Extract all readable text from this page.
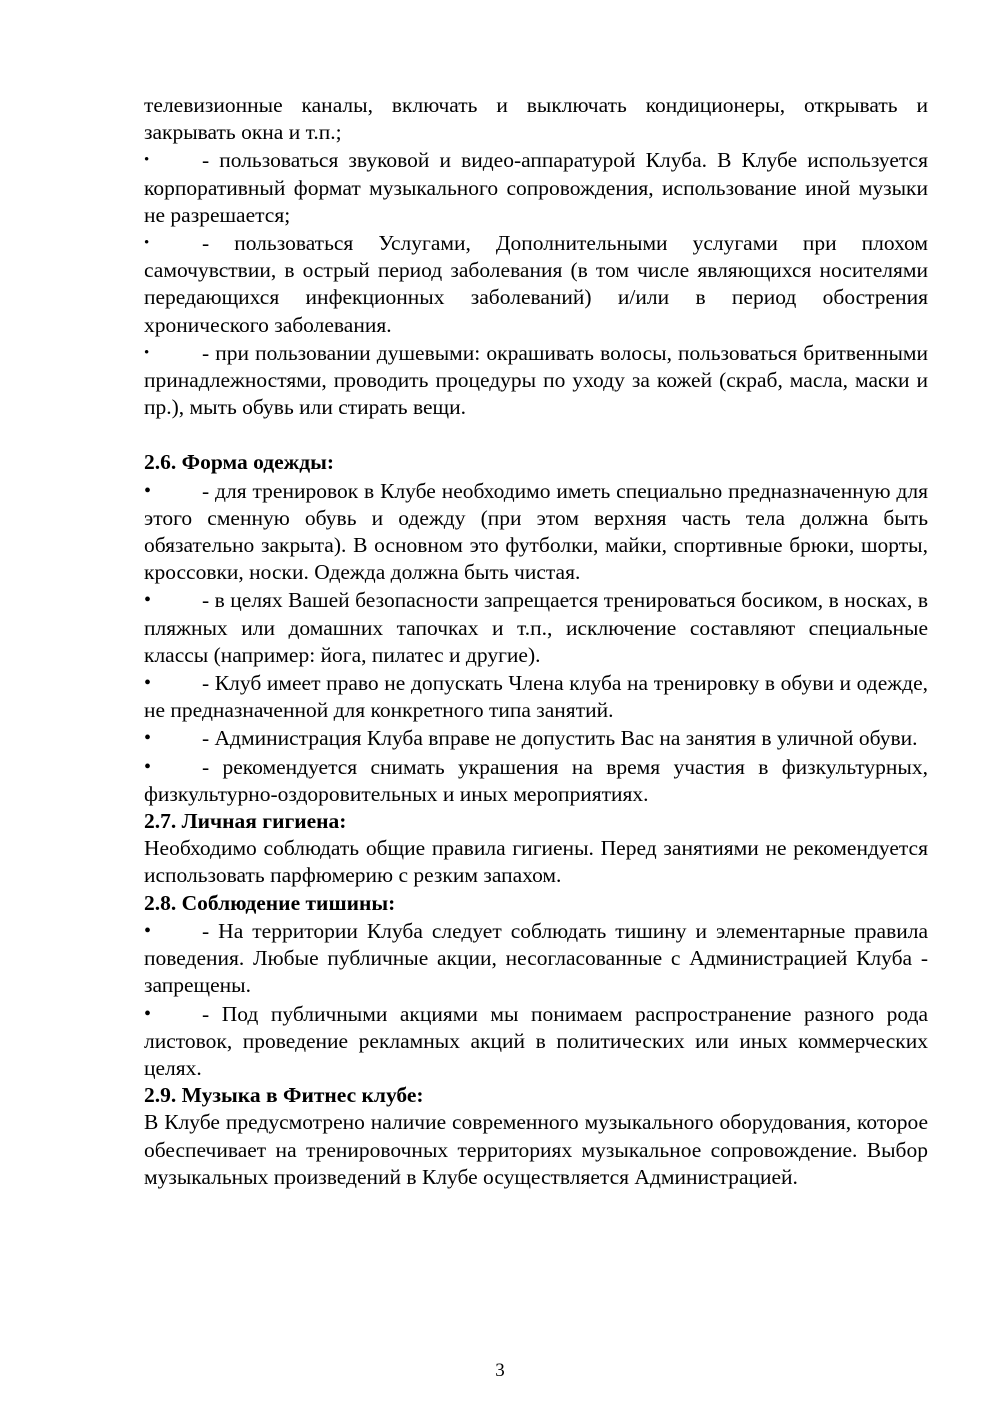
телевизионные каналы, включать и выключать кондиционеры, открывать и закрывать окна и т.п.;

• - пользоваться звуковой и видео-аппаратурой Клуба. В Клубе используется корпоративный формат музыкального сопровождения, использование иной музыки не разрешается;

• - пользоваться Услугами, Дополнительными услугами при плохом самочувствии, в острый период заболевания (в том числе являющихся носителями передающихся инфекционных заболеваний) и/или в период обострения хронического заболевания.

• - при пользовании душевыми: окрашивать волосы, пользоваться бритвенными принадлежностями, проводить процедуры по уходу за кожей (скраб, масла, маски и пр.), мыть обувь или стирать вещи.

2.6. Форма одежды:

• - для тренировок в Клубе необходимо иметь специально предназначенную для этого сменную обувь и одежду (при этом верхняя часть тела должна быть обязательно закрыта). В основном это футболки, майки, спортивные брюки, шорты, кроссовки, носки. Одежда должна быть чистая.

• - в целях Вашей безопасности запрещается тренироваться босиком, в носках, в пляжных или домашних тапочках и т.п., исключение составляют специальные классы (например: йога, пилатес и другие).

• - Клуб имеет право не допускать Члена клуба на тренировку в обуви и одежде, не предназначенной для конкретного типа занятий.

• - Администрация Клуба вправе не допустить Вас на занятия в уличной обуви.

• - рекомендуется снимать украшения на время участия в физкультурных, физкультурно-оздоровительных и иных мероприятиях.

2.7. Личная гигиена:

Необходимо соблюдать общие правила гигиены. Перед занятиями не рекомендуется использовать парфюмерию с резким запахом.

2.8. Соблюдение тишины:

• - На территории Клуба следует соблюдать тишину и элементарные правила поведения. Любые публичные акции, несогласованные с Администрацией Клуба - запрещены.

• - Под публичными акциями мы понимаем распространение разного рода листовок, проведение рекламных акций в политических или иных коммерческих целях.

2.9. Музыка в Фитнес клубе:

В Клубе предусмотрено наличие современного музыкального оборудования, которое обеспечивает на тренировочных территориях музыкальное сопровождение. Выбор музыкальных произведений в Клубе осуществляется Администрацией.

3
